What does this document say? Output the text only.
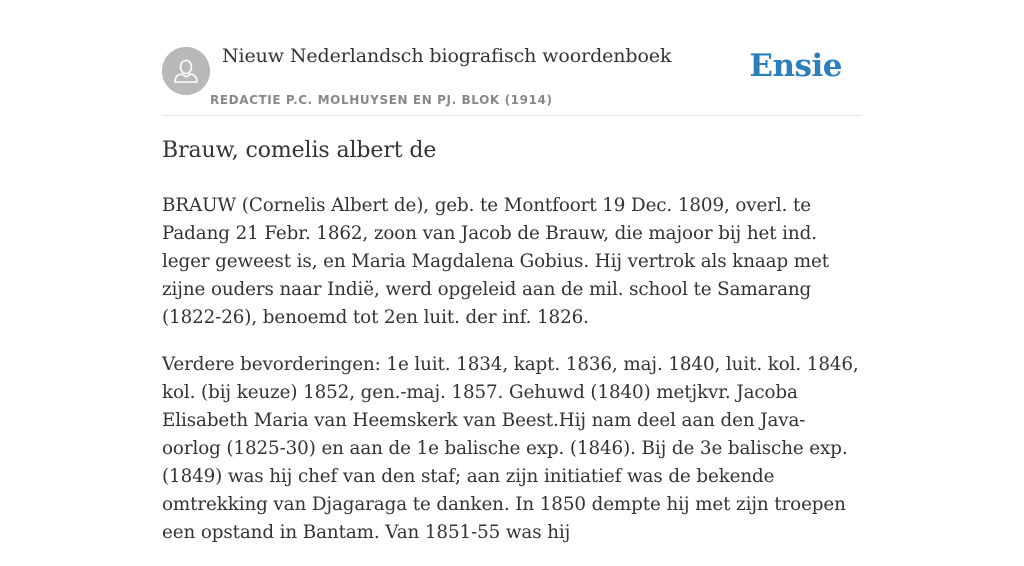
Nieuw Nederlandsch biografisch woordenboek
REDACTIE P.C. MOLHUYSEN EN PJ. BLOK (1914)
Ensie
Brauw, comelis albert de

BRAUW (Cornelis Albert de), geb. te Montfoort 19 Dec. 1809, overl. te Padang 21 Febr. 1862, zoon van Jacob de Brauw, die majoor bij het ind. leger geweest is, en Maria Magdalena Gobius. Hij vertrok als knaap met zijne ouders naar Indië, werd opgeleid aan de mil. school te Samarang (1822-26), benoemd tot 2en luit. der inf. 1826.

Verdere bevorderingen: 1e luit. 1834, kapt. 1836, maj. 1840, luit. kol. 1846, kol. (bij keuze) 1852, gen.-maj. 1857. Gehuwd (1840) metjkvr. Jacoba Elisabeth Maria van Heemskerk van Beest.Hij nam deel aan den Java-oorlog (1825-30) en aan de 1e balische exp. (1846). Bij de 3e balische exp. (1849) was hij chef van den staf; aan zijn initiatief was de bekende omtrekking van Djagaraga te danken. In 1850 dempte hij met zijn troepen een opstand in Bantam. Van 1851-55 was hij
